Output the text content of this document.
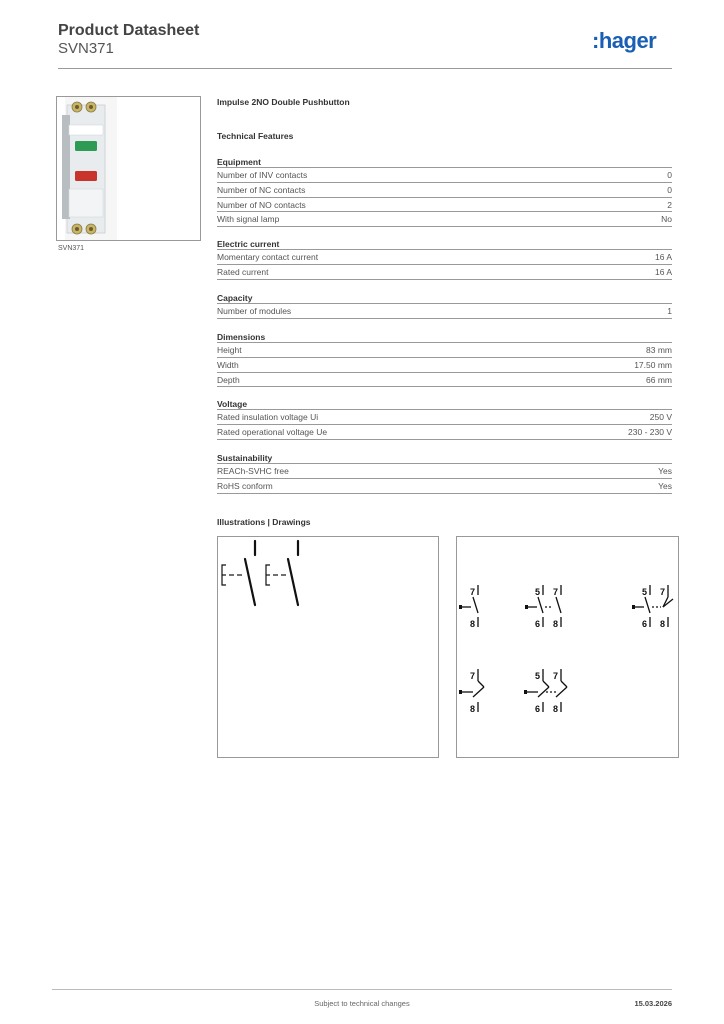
Product Datasheet
SVN371	:hager
SVN371
Impulse 2NO Double Pushbutton
Technical Features
Equipment
Number of INV contacts	0
Number of NC contacts	0
Number of NO contacts	2
With signal lamp	No
Electric current
Momentary contact current	16 A
Rated current	16 A
Capacity
Number of modules	1
Dimensions
Height	83 mm
Width	17.50 mm
Depth	66 mm
Voltage
Rated insulation voltage Ui	250 V
Rated operational voltage Ue	230 - 230 V
Sustainability
REACh-SVHC free	Yes
RoHS conform	Yes
Illustrations | Drawings
7
8
5 7
6 8
5 7
6 8
7
8
5 7
6 8
Subject to technical changes	15.03.2026
